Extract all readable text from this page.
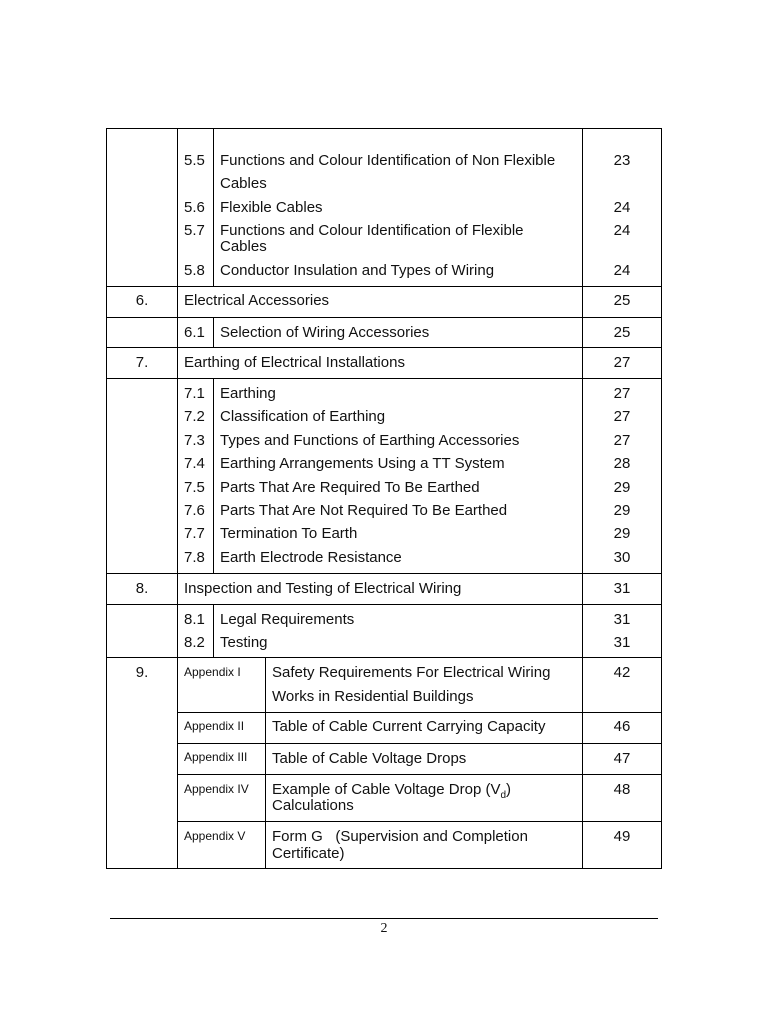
5.5 Functions and Colour Identification of Non Flexible
Cables
23
5.6 Flexible Cables	24
5.7 Functions and Colour Identification of Flexible
Cables
24
5.8 Conductor Insulation and Types of Wiring	24
6.	Electrical Accessories	25
6.1 Selection of Wiring Accessories	25
7.	Earthing of Electrical Installations	27
7.1 Earthing	27
7.2 Classification of Earthing	27
7.3 Types and Functions of Earthing Accessories	27
7.4 Earthing Arrangements Using a TT System	28
7.5 Parts That Are Required To Be Earthed	29
7.6 Parts That Are Not Required To Be Earthed	29
7.7 Termination To Earth	29
7.8 Earth Electrode Resistance	30
8.	Inspection and Testing of Electrical Wiring	31
8.1 Legal Requirements	31
8.2 Testing	31
9.	Appendix I Safety Requirements For Electrical Wiring
Works in Residential Buildings
42
Appendix II Table of Cable Current Carrying Capacity	46
Appendix III Table of Cable Voltage Drops	47
Appendix IV Example of Cable Voltage Drop $(V_d)$
Calculations
48
Appendix V Form G   (Supervision and Completion
Certificate)
49
2
